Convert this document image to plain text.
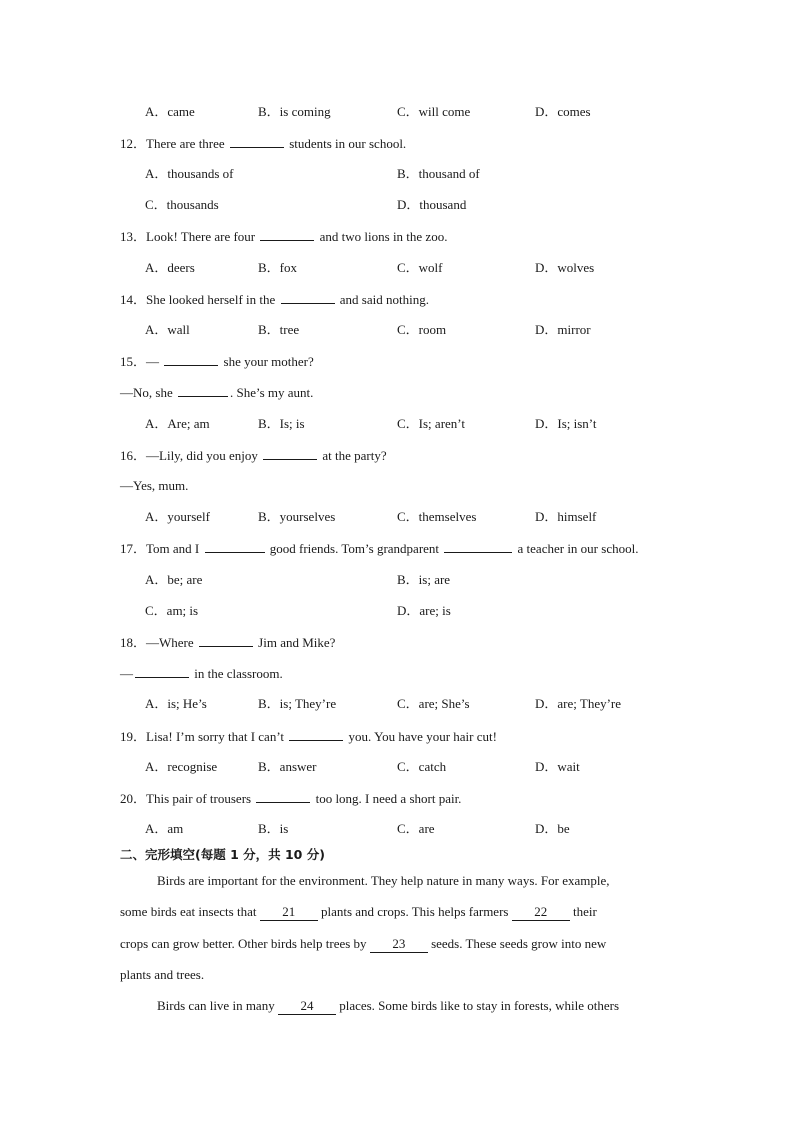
A．came	B．is coming	C．will come	D．comes
12．There are three	students in our school.
A．thousands of	B．thousand of
C．thousands	D．thousand
13．Look! There are four	and two lions in the zoo.
A．deers	B．fox	C．wolf	D．wolves
14．She looked herself in the	and said nothing.
A．wall	B．tree	C．room	D．mirror
15．—	she your mother?
—No, she	. She’s my aunt.
A．Are; am	B．Is; is	C．Is; aren’t	D．Is; isn’t
16．—Lily, did you enjoy	at the party?
—Yes, mum.
A．yourself	B．yourselves	C．themselves	D．himself
17．Tom and I	good friends. Tom’s grandparent	a teacher in our school.
A．be; are	B．is; are
C．am; is	D．are; is
18．—Where	Jim and Mike?
—	in the classroom.
A．is; He’s	B．is; They’re	C．are; She’s	D．are; They’re
19．Lisa! I’m sorry that I can’t	you. You have your hair cut!
A．recognise	B．answer	C．catch	D．wait
20．This pair of trousers	too long. I need a short pair.
A．am	B．is	C．are	D．be
二、完形填空(每题 1 分，共 10 分)
Birds are important for the environment. They help nature in many ways. For example,
some birds eat insects that 21 plants and crops. This helps farmers 22 their
crops can grow better. Other birds help trees by 23 seeds. These seeds grow into new
plants and trees.
Birds can live in many 24 places. Some birds like to stay in forests, while others
